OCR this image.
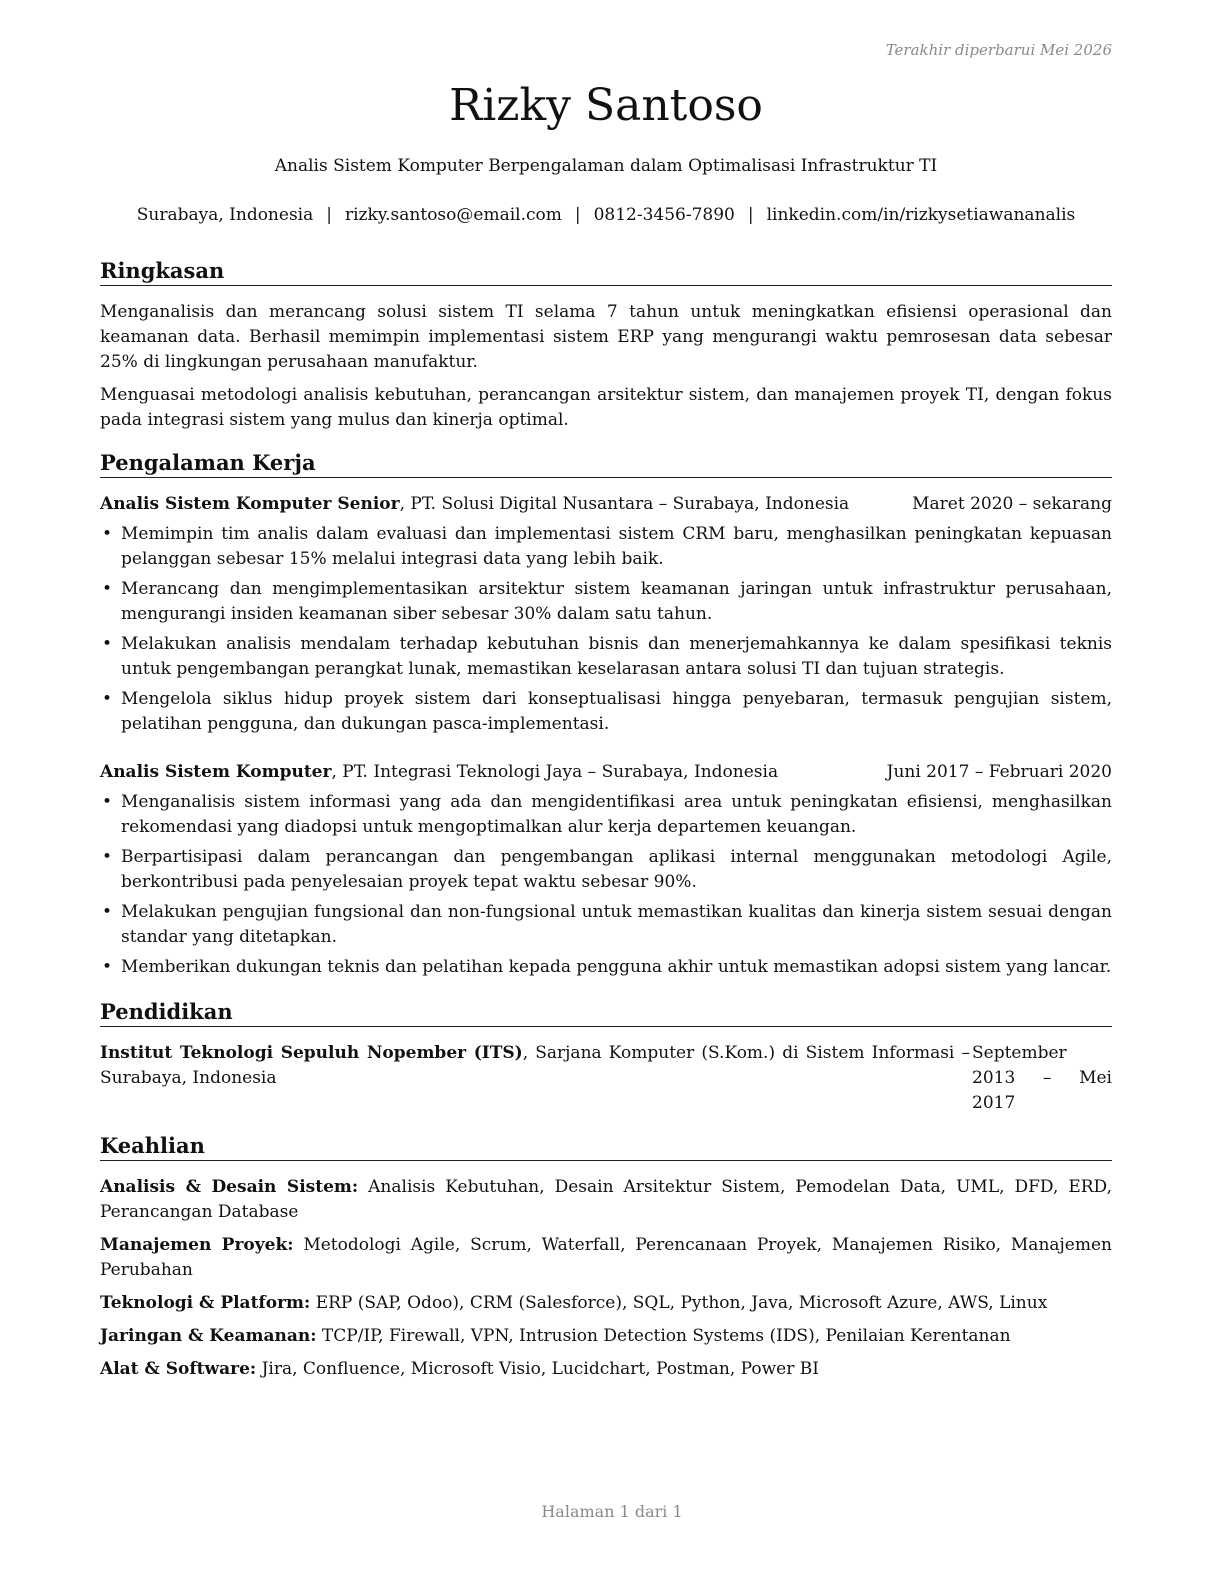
Terakhir diperbarui Mei 2026

Rizky Santoso

Analis Sistem Komputer Berpengalaman dalam Optimalisasi Infrastruktur TI

Surabaya, Indonesia | rizky.santoso@email.com | 0812-3456-7890 | linkedin.com/in/rizkysetiawananalis

Ringkasan

Menganalisis dan merancang solusi sistem TI selama 7 tahun untuk meningkatkan efisiensi operasional dan keamanan data. Berhasil memimpin implementasi sistem ERP yang mengurangi waktu pemrosesan data sebesar 25% di lingkungan perusahaan manufaktur.

Menguasai metodologi analisis kebutuhan, perancangan arsitektur sistem, dan manajemen proyek TI, dengan fokus pada integrasi sistem yang mulus dan kinerja optimal.

Pengalaman Kerja
Analis Sistem Komputer Senior, PT. Solusi Digital Nusantara – Surabaya, Indonesia	Maret 2020 – sekarang
• Memimpin tim analis dalam evaluasi dan implementasi sistem CRM baru, menghasilkan peningkatan kepuasan pelanggan sebesar 15% melalui integrasi data yang lebih baik.
• Merancang dan mengimplementasikan arsitektur sistem keamanan jaringan untuk infrastruktur perusahaan, mengurangi insiden keamanan siber sebesar 30% dalam satu tahun.
• Melakukan analisis mendalam terhadap kebutuhan bisnis dan menerjemahkannya ke dalam spesifikasi teknis untuk pengembangan perangkat lunak, memastikan keselarasan antara solusi TI dan tujuan strategis.
• Mengelola siklus hidup proyek sistem dari konseptualisasi hingga penyebaran, termasuk pengujian sistem, pelatihan pengguna, dan dukungan pasca-implementasi.
Analis Sistem Komputer, PT. Integrasi Teknologi Jaya – Surabaya, Indonesia	Juni 2017 – Februari 2020
• Menganalisis sistem informasi yang ada dan mengidentifikasi area untuk peningkatan efisiensi, menghasilkan rekomendasi yang diadopsi untuk mengoptimalkan alur kerja departemen keuangan.
• Berpartisipasi dalam perancangan dan pengembangan aplikasi internal menggunakan metodologi Agile, berkontribusi pada penyelesaian proyek tepat waktu sebesar 90%.
• Melakukan pengujian fungsional dan non-fungsional untuk memastikan kualitas dan kinerja sistem sesuai dengan standar yang ditetapkan.
• Memberikan dukungan teknis dan pelatihan kepada pengguna akhir untuk memastikan adopsi sistem yang lancar.
Pendidikan
Institut Teknologi Sepuluh Nopember (ITS), Sarjana Komputer (S.Kom.) di Sistem Informasi – Surabaya, Indonesia
September 2013 – Mei 2017
Keahlian

Analisis & Desain Sistem: Analisis Kebutuhan, Desain Arsitektur Sistem, Pemodelan Data, UML, DFD, ERD, Perancangan Database

Manajemen Proyek: Metodologi Agile, Scrum, Waterfall, Perencanaan Proyek, Manajemen Risiko, Manajemen Perubahan

Teknologi & Platform: ERP (SAP, Odoo), CRM (Salesforce), SQL, Python, Java, Microsoft Azure, AWS, Linux

Jaringan & Keamanan: TCP/IP, Firewall, VPN, Intrusion Detection Systems (IDS), Penilaian Kerentanan

Alat & Software: Jira, Confluence, Microsoft Visio, Lucidchart, Postman, Power BI

Halaman 1 dari 1
